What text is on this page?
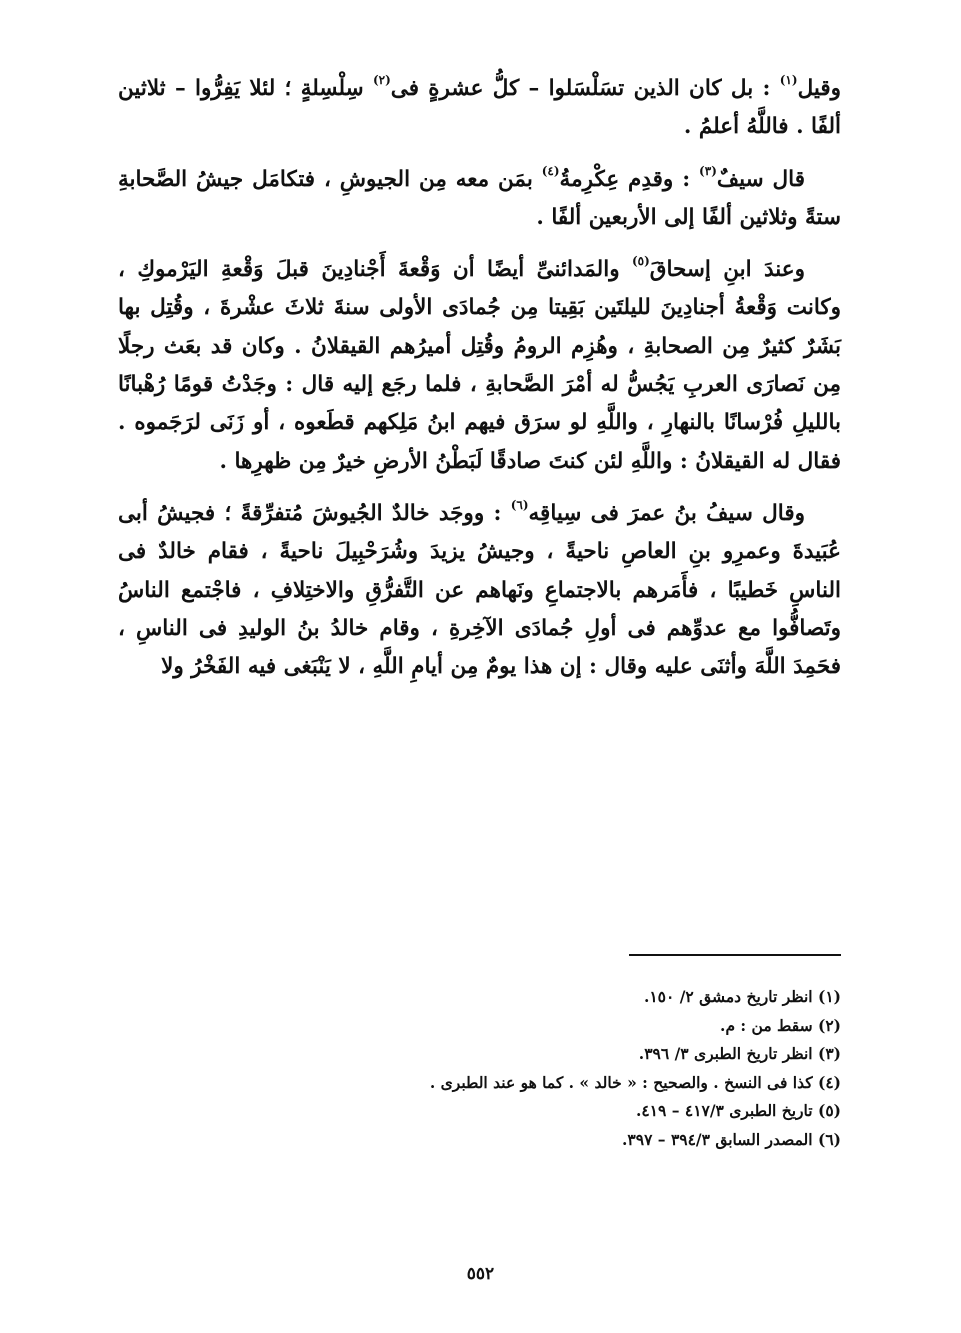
وقيل$^{(١)}$ : بل كان الذين تسَلْسَلوا – كلُّ عشرةٍ فى$^{(٢)}$ سِلْسِلةٍ ؛ لئلا يَفِرُّوا – ثلاثين ألفًا . فاللَّهُ أعلمُ .

قال سيفٌ$^{(٣)}$ : وقدِم عِكْرِمةُ$^{(٤)}$ بمَن معه مِن الجيوشِ ، فتكامَل جيشُ الصَّحابةِ ستةً وثلاثين ألفًا إلى الأربعين ألفًا .

وعندَ ابنِ إسحاقَ$^{(٥)}$ والمَدائنىِّ أيضًا أن وَقْعةَ أَجْنادِينَ قبلَ وَقْعةِ اليَرْموكِ ، وكانت وَقْعةُ أجنادِينَ لليلتَين بَقِيتا مِن جُمادَى الأولى سنةَ ثلاثَ عشْرةَ ، وقُتِل بها بَشَرٌ كثيرٌ مِن الصحابةِ ، وهُزِم الرومُ وقُتِل أميرُهم القيقلانُ . وكان قد بعَث رجلًا مِن نَصارَى العربِ يَجُسُّ له أمْرَ الصَّحابةِ ، فلما رجَع إليه قال : وجَدْتُ قومًا رُهْبانًا بالليلِ فُرْسانًا بالنهارِ ، واللَّهِ لو سرَق فيهم ابنُ مَلِكهم قطَعوه ، أو زَنَى لرَجَموه . فقال له القيقلانُ : واللَّهِ لئن كنتَ صادقًا لَبَطْنُ الأرضِ خيرٌ مِن ظهرِها .

وقال سيفُ بنُ عمرَ فى سِياقِه$^{(٦)}$ : ووجَد خالدٌ الجُيوشَ مُتفرِّقةً ؛ فجيشُ أبى عُبَيدةَ وعمرِو بنِ العاصِ ناحيةً ، وجيشُ يزيدَ وشُرَحْبِيلَ ناحيةً ، فقام خالدٌ فى الناسِ خَطيبًا ، فأَمَرهم بالاجتماعِ ونَهاهم عن التَّفرُّقِ والاختِلافِ ، فاجْتمع الناسُ وتَصافُّوا مع عدوِّهم فى أولِ جُمادَى الآخِرةِ ، وقام خالدُ بنُ الوليدِ فى الناسِ ، فحَمِدَ اللَّهَ وأثنَى عليه وقال : إن هذا يومٌ مِن أيامِ اللَّهِ ، لا يَنْبَغى فيه الفَخْرُ ولا

(١) انظر تاريخ دمشق ٢/ ١٥٠.

(٢) سقط من : م.

(٣) انظر تاريخ الطبرى ٣/ ٣٩٦.

(٤) كذا فى النسخ . والصحيح : « خالد » . كما هو عند الطبرى .

(٥) تاريخ الطبرى ٤١٧/٣ – ٤١٩.

(٦) المصدر السابق ٣٩٤/٣ – ٣٩٧.

٥٥٢
